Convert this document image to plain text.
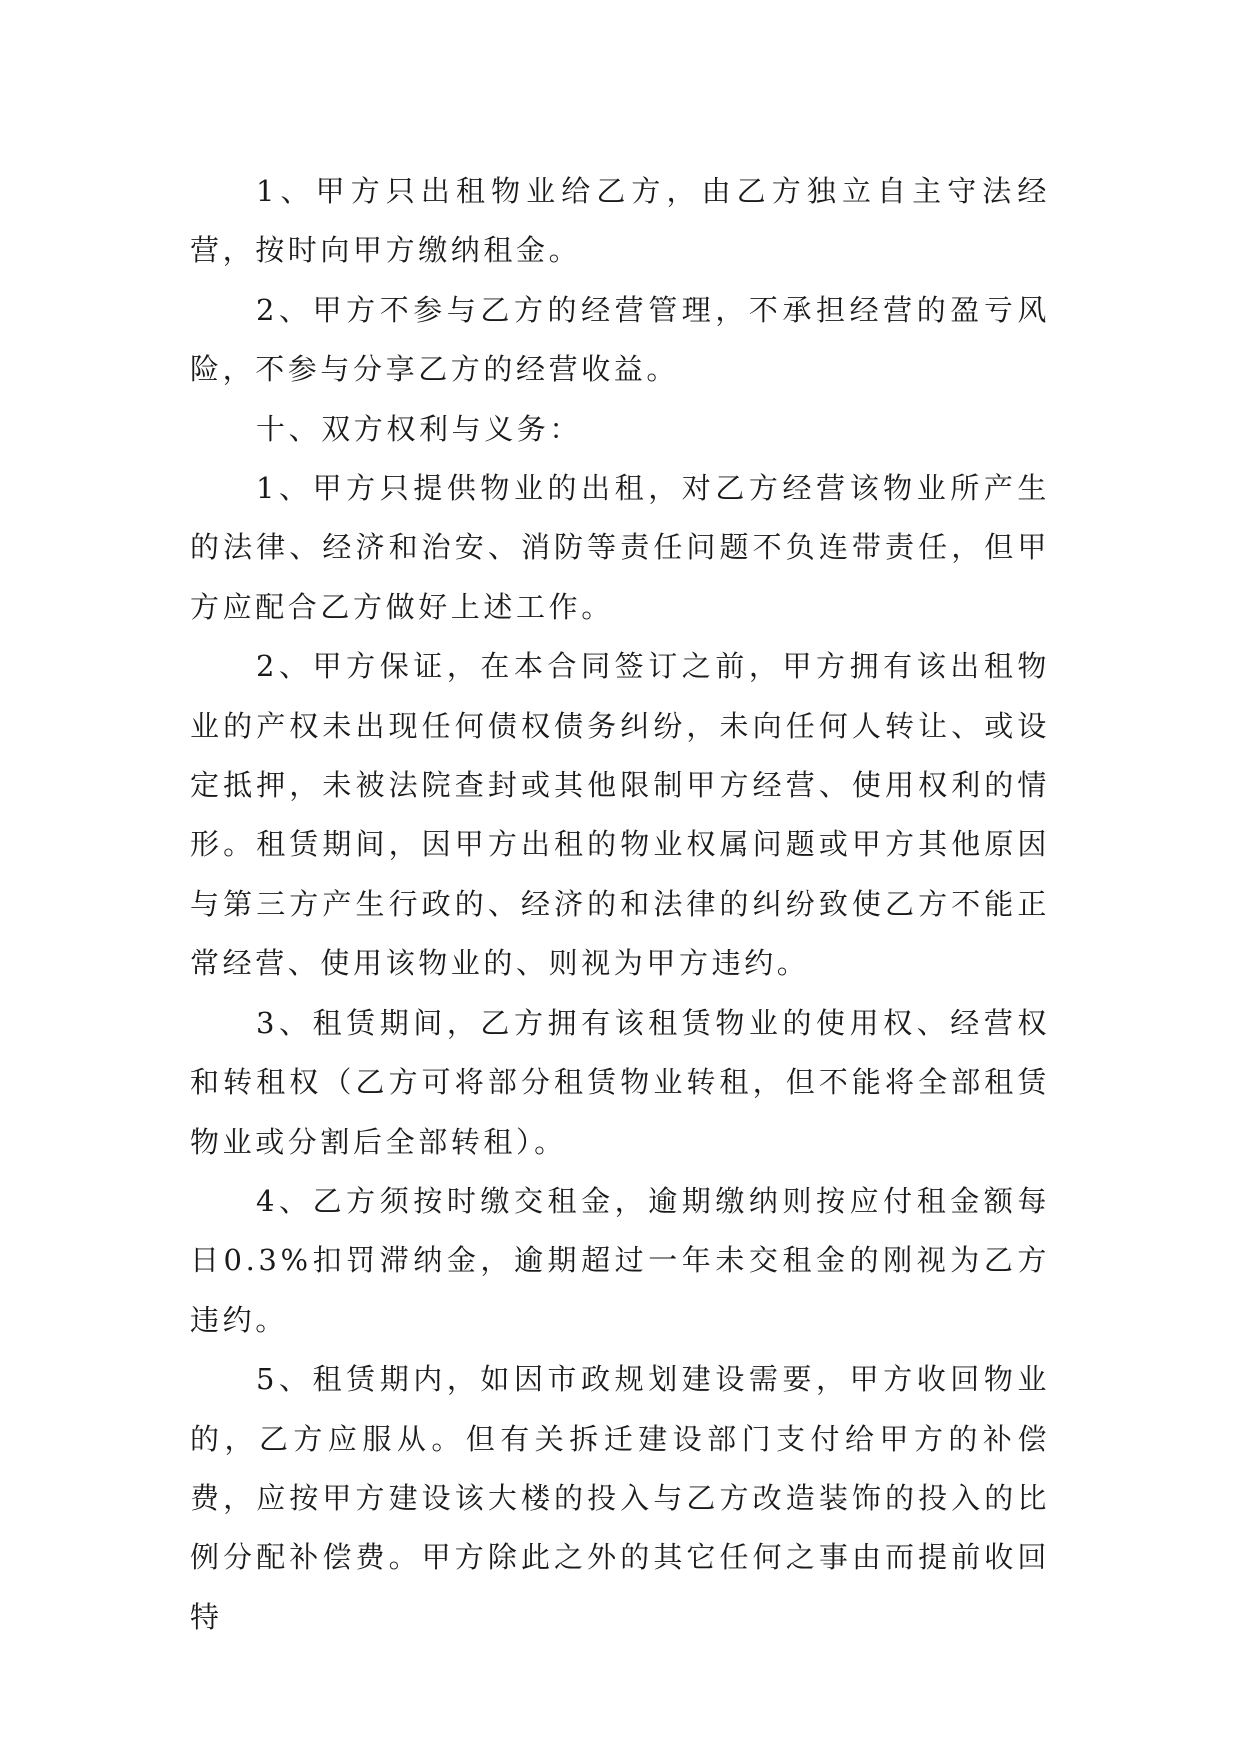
1、甲方只出租物业给乙方，由乙方独立自主守法经营，按时向甲方缴纳租金。

2、甲方不参与乙方的经营管理，不承担经营的盈亏风险，不参与分享乙方的经营收益。

十、双方权利与义务：

1、甲方只提供物业的出租，对乙方经营该物业所产生的法律、经济和治安、消防等责任问题不负连带责任，但甲方应配合乙方做好上述工作。

2、甲方保证，在本合同签订之前，甲方拥有该出租物业的产权未出现任何债权债务纠纷，未向任何人转让、或设定抵押，未被法院查封或其他限制甲方经营、使用权利的情形。租赁期间，因甲方出租的物业权属问题或甲方其他原因与第三方产生行政的、经济的和法律的纠纷致使乙方不能正常经营、使用该物业的、则视为甲方违约。

3、租赁期间，乙方拥有该租赁物业的使用权、经营权和转租权（乙方可将部分租赁物业转租，但不能将全部租赁物业或分割后全部转租）。

4、乙方须按时缴交租金，逾期缴纳则按应付租金额每日0.3%扣罚滞纳金，逾期超过一年未交租金的刚视为乙方违约。

5、租赁期内，如因市政规划建设需要，甲方收回物业的，乙方应服从。但有关拆迁建设部门支付给甲方的补偿费，应按甲方建设该大楼的投入与乙方改造装饰的投入的比例分配补偿费。甲方除此之外的其它任何之事由而提前收回特
